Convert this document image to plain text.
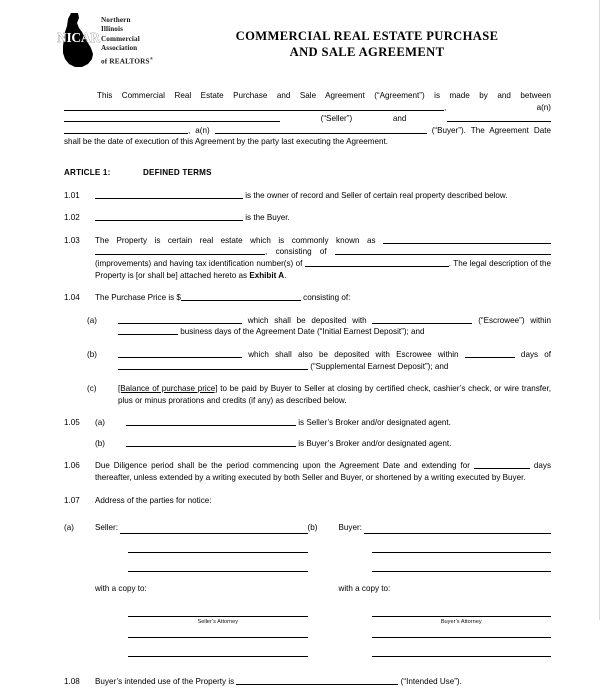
NICAR
Northern
Illinois
Commercial
Association
of REALTORS®
COMMERCIAL REAL ESTATE PURCHASE
AND SALE AGREEMENT

This Commercial Real Estate Purchase and Sale Agreement (“Agreement”) is made by and between , a(n)  (“Seller”) and , a(n)	(“Buyer”). The Agreement Date shall be the date of execution of this Agreement by the party last executing the Agreement.

ARTICLE 1:	DEFINED TERMS
1.01	is the owner of record and Seller of certain real property described below.
1.02	is the Buyer.
1.03	The Property is certain real estate which is commonly known as , consisting of  (improvements) and having tax identification number(s) of	. The legal description of the Property is [or shall be] attached hereto as Exhibit A.
1.04	The Purchase Price is $	consisting of:
(a)	which shall be deposited with	(“Escrowee”) within  business days of the Agreement Date (“Initial Earnest Deposit”); and
(b)	which shall also be deposited with Escrowee within	days of  (“Supplemental Earnest Deposit”); and
(c)	[Balance of purchase price] to be paid by Buyer to Seller at closing by certified check, cashier’s check, or wire transfer, plus or minus prorations and credits (if any) as described below.
1.05	(a)	is Seller’s Broker and/or designated agent.
(b)	is Buyer’s Broker and/or designated agent.
1.06	Due Diligence period shall be the period commencing upon the Agreement Date and extending for	days thereafter, unless extended by a writing executed by both Seller and Buyer, or shortened by a writing executed by Buyer.
1.07	Address of the parties for notice:
(a)	Seller:
with a copy to:
Seller’s Attorney
(b)	Buyer:
with a copy to:
Buyer’s Attorney
1.08	Buyer’s intended use of the Property is	(“Intended Use”).
